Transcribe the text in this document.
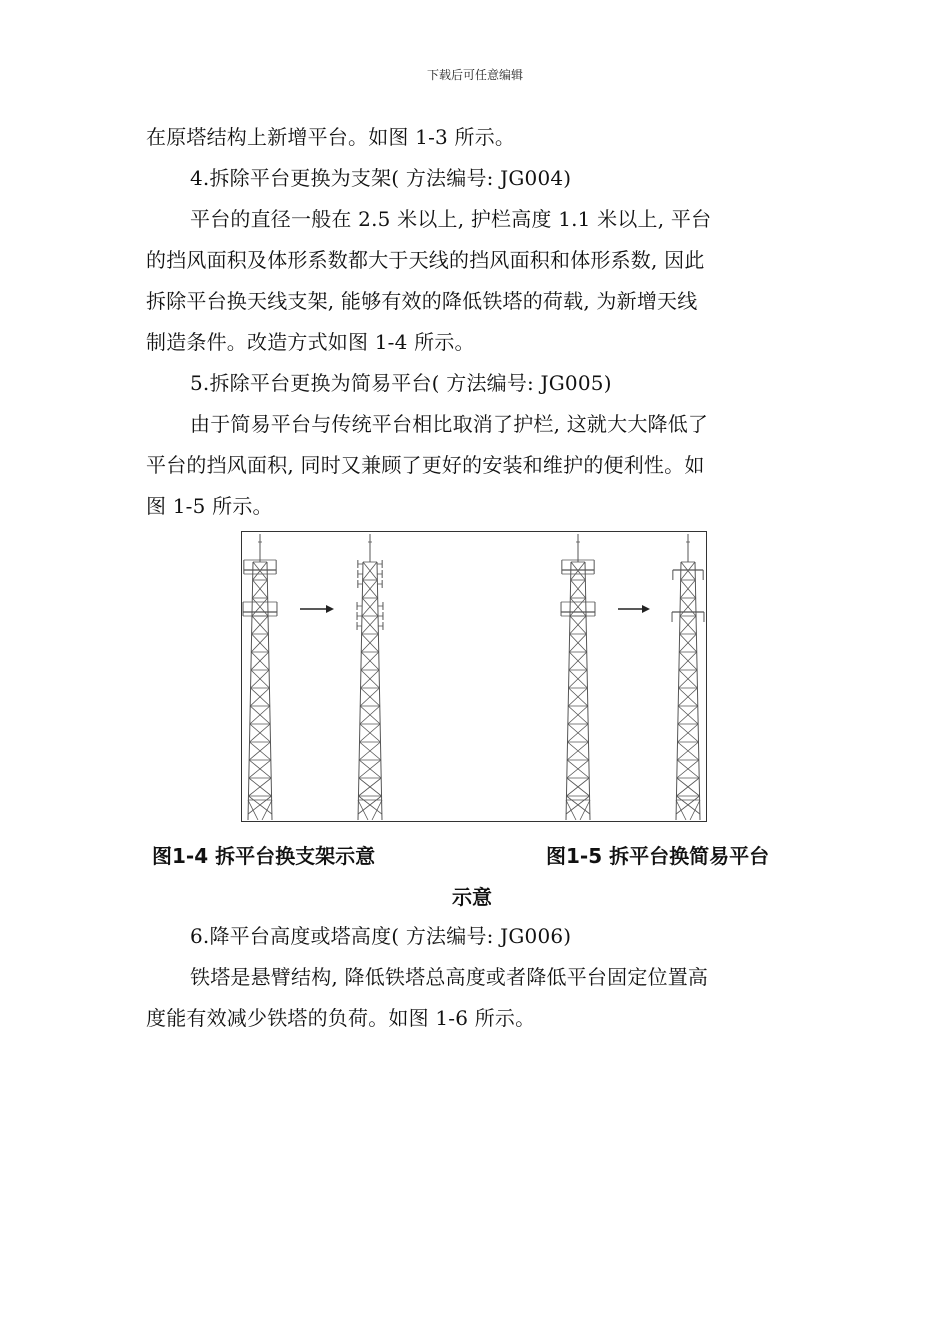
下载后可任意编辑
在原塔结构上新增平台。如图 1-3 所示。
4.拆除平台更换为支架( 方法编号: JG004)
平台的直径一般在 2.5 米以上, 护栏高度 1.1 米以上, 平台
的挡风面积及体形系数都大于天线的挡风面积和体形系数, 因此
拆除平台换天线支架, 能够有效的降低铁塔的荷载, 为新增天线
制造条件。改造方式如图 1-4 所示。
5.拆除平台更换为简易平台( 方法编号: JG005)
由于简易平台与传统平台相比取消了护栏, 这就大大降低了
平台的挡风面积, 同时又兼顾了更好的安装和维护的便利性。如
图 1-5 所示。
图1-4 拆平台换支架示意	图1-5 拆平台换简易平台
示意
6.降平台高度或塔高度( 方法编号: JG006)
铁塔是悬臂结构, 降低铁塔总高度或者降低平台固定位置高
度能有效减少铁塔的负荷。如图 1-6 所示。
